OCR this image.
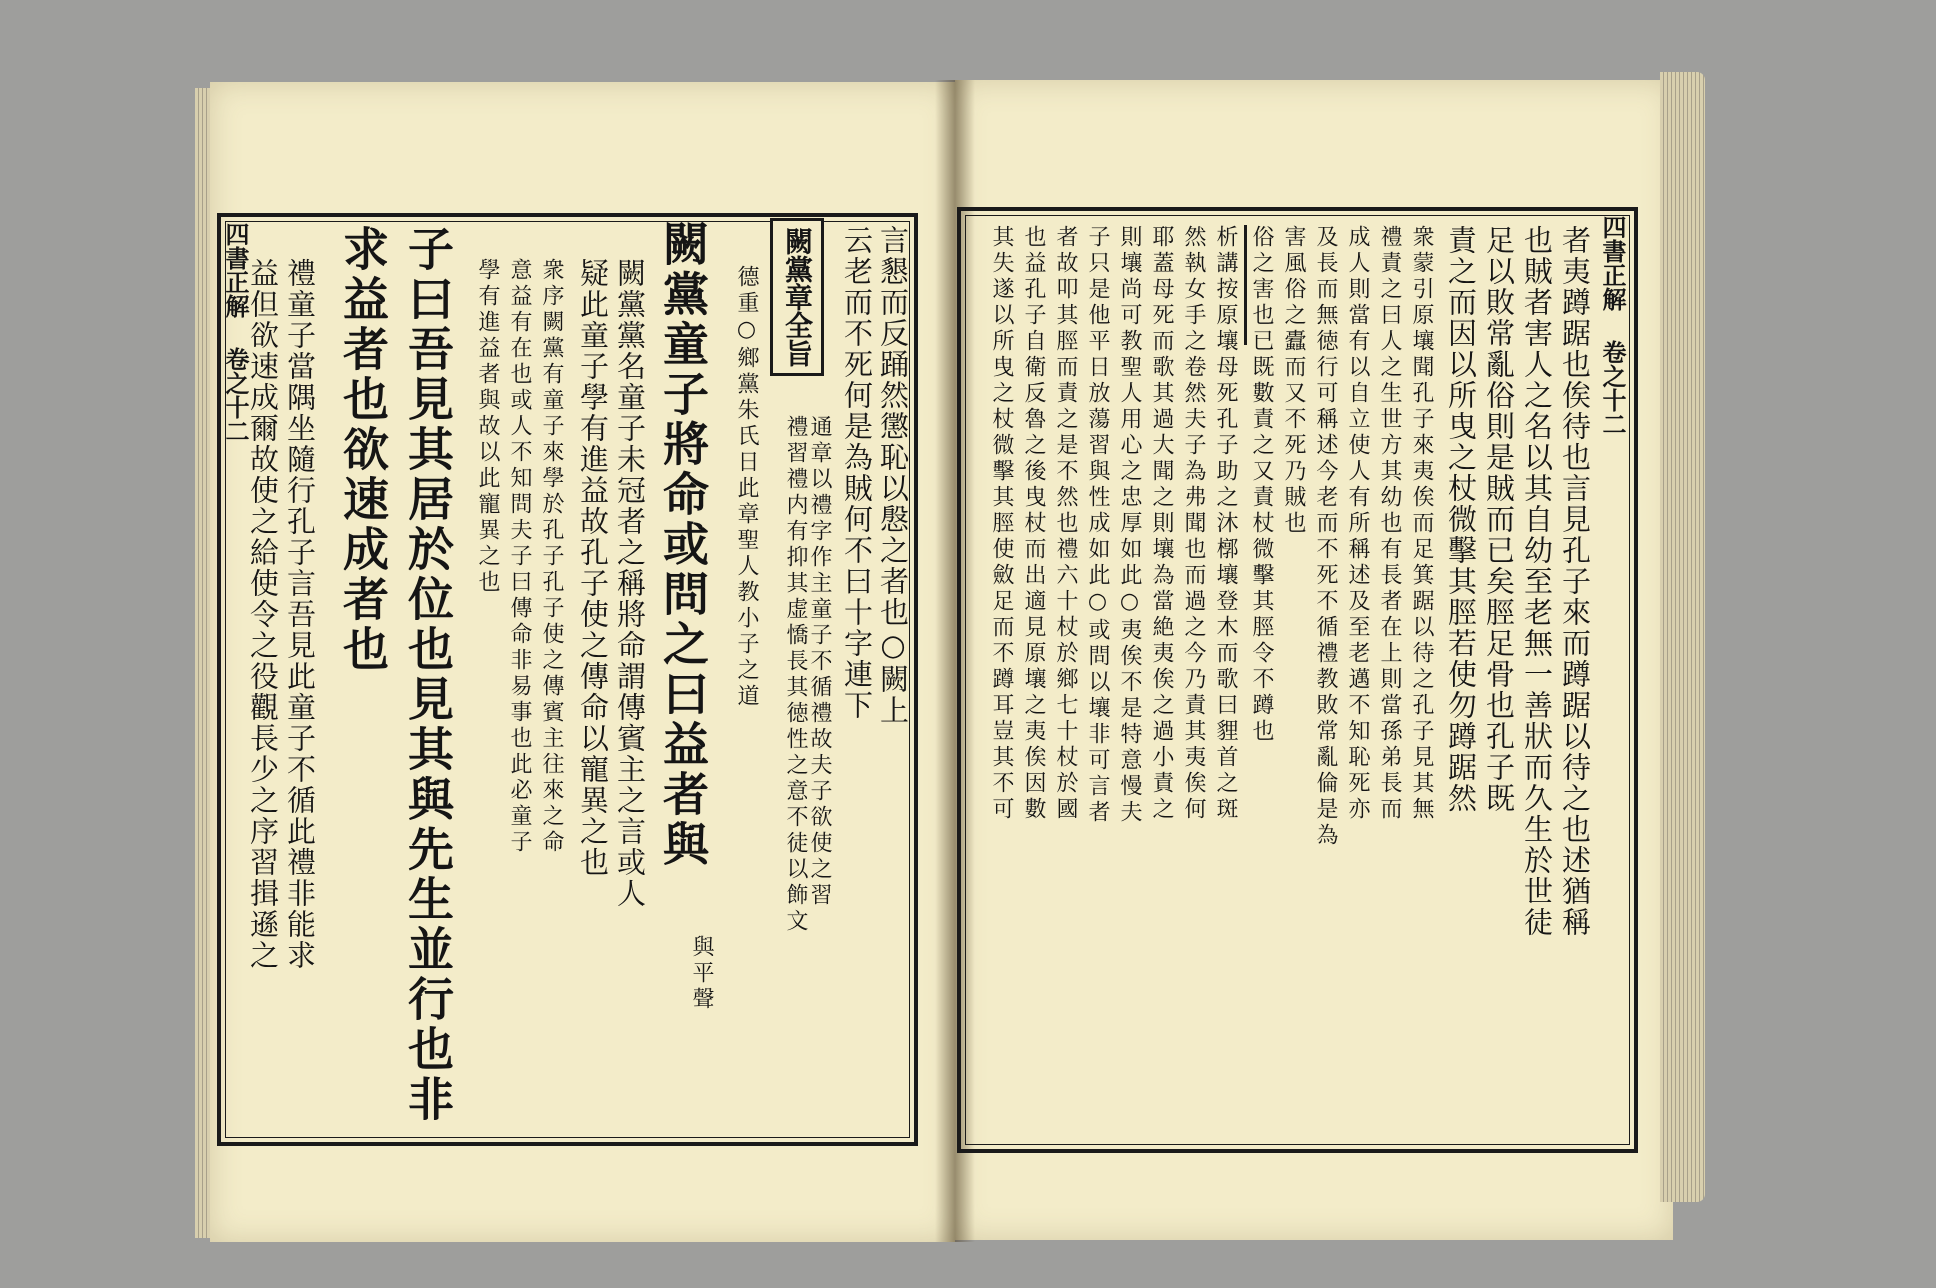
四書正解 卷之十二	言懇而反踊然懲恥以慇之者也○闕上
云老而不死何是為賊何不曰十字連下
闕黨章全旨
通章以禮字作主童子不循禮故夫子欲使之習
禮習禮内有抑其虚憍長其徳性之意不徒以飾文
德重○鄉黨朱氏日此章聖人教小子之道
闕黨童子將命或問之曰益者與
與平聲
闕黨黨名童子未冠者之稱將命謂傳賓主之言或人
疑此童子學有進益故孔子使之傳命以寵異之也
衆序闕黨有童子來學於孔子孔子使之傳賓主往來之命
意益有在也或人不知問夫子曰傳命非易事也此必童子
學有進益者與故以此寵異之也
子曰吾見其居於位也見其與先生並行也非
求益者也欲速成者也
禮童子當隅坐隨行孔子言吾見此童子不循此禮非能求
益但欲速成爾故使之給使令之役觀長少之序習揖遜之	四書正解 卷之十二
者夷蹲踞也俟待也言見孔子來而蹲踞以待之也述猶稱
也賊者害人之名以其自幼至老無一善狀而久生於世徒
足以敗常亂俗則是賊而已矣脛足骨也孔子既
責之而因以所曳之杖微擊其脛若使勿蹲踞然
衆蒙引原壤聞孔子來夷俟而足箕踞以待之孔子見其無
禮責之曰人之生世方其幼也有長者在上則當孫弟長而
成人則當有以自立使人有所稱述及至老邁不知恥死亦
及長而無徳行可稱述今老而不死不循禮教敗常亂倫是為
害風俗之蠹而又不死乃賊也
俗之害也已既數責之又責杖微擊其脛令不蹲也
析講按原壤母死孔子助之沐槨壤登木而歌曰貍首之斑
然執女手之卷然夫子為弗聞也而過之今乃責其夷俟何
耶蓋母死而歌其過大聞之則壤為當絶夷俟之過小責之
則壤尚可教聖人用心之忠厚如此○夷俟不是特意慢夫
子只是他平日放蕩習與性成如此○或問以壤非可言者
者故叩其脛而責之是不然也禮六十杖於鄉七十杖於國
也益孔子自衛反魯之後曳杖而出適見原壤之夷俟因數
其失遂以所曳之杖微擊其脛使斂足而不蹲耳豈其不可
